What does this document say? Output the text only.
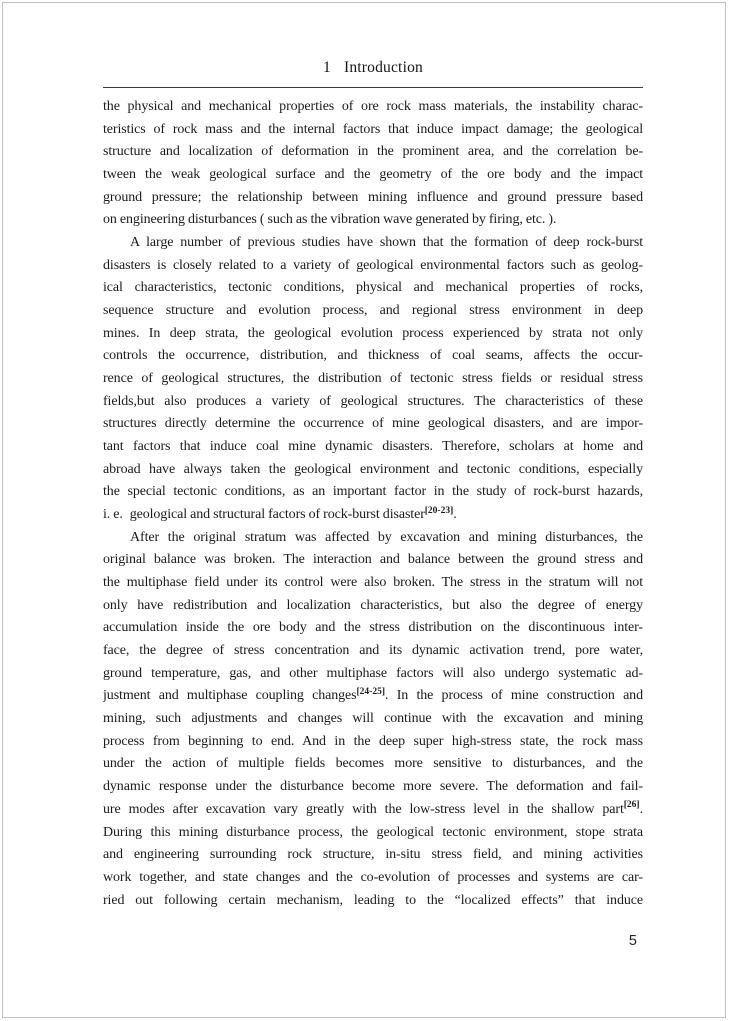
1 Introduction
the physical and mechanical properties of ore rock mass materials, the instability charac-
teristics of rock mass and the internal factors that induce impact damage; the geological
structure and localization of deformation in the prominent area, and the correlation be-
tween the weak geological surface and the geometry of the ore body and the impact
ground pressure; the relationship between mining influence and ground pressure based
on engineering disturbances ( such as the vibration wave generated by firing, etc. ).
A large number of previous studies have shown that the formation of deep rock-burst
disasters is closely related to a variety of geological environmental factors such as geolog-
ical characteristics, tectonic conditions, physical and mechanical properties of rocks,
sequence structure and evolution process, and regional stress environment in deep
mines. In deep strata, the geological evolution process experienced by strata not only
controls the occurrence, distribution, and thickness of coal seams, affects the occur-
rence of geological structures, the distribution of tectonic stress fields or residual stress
fields,but also produces a variety of geological structures. The characteristics of these
structures directly determine the occurrence of mine geological disasters, and are impor-
tant factors that induce coal mine dynamic disasters. Therefore, scholars at home and
abroad have always taken the geological environment and tectonic conditions, especially
the special tectonic conditions, as an important factor in the study of rock-burst hazards,
i. e. geological and structural factors of rock-burst disaster[20-23].
After the original stratum was affected by excavation and mining disturbances, the
original balance was broken. The interaction and balance between the ground stress and
the multiphase field under its control were also broken. The stress in the stratum will not
only have redistribution and localization characteristics, but also the degree of energy
accumulation inside the ore body and the stress distribution on the discontinuous inter-
face, the degree of stress concentration and its dynamic activation trend, pore water,
ground temperature, gas, and other multiphase factors will also undergo systematic ad-
justment and multiphase coupling changes[24-25]. In the process of mine construction and
mining, such adjustments and changes will continue with the excavation and mining
process from beginning to end. And in the deep super high-stress state, the rock mass
under the action of multiple fields becomes more sensitive to disturbances, and the
dynamic response under the disturbance become more severe. The deformation and fail-
ure modes after excavation vary greatly with the low-stress level in the shallow part[26].
During this mining disturbance process, the geological tectonic environment, stope strata
and engineering surrounding rock structure, in-situ stress field, and mining activities
work together, and state changes and the co-evolution of processes and systems are car-
ried out following certain mechanism, leading to the “localized effects” that induce
5
